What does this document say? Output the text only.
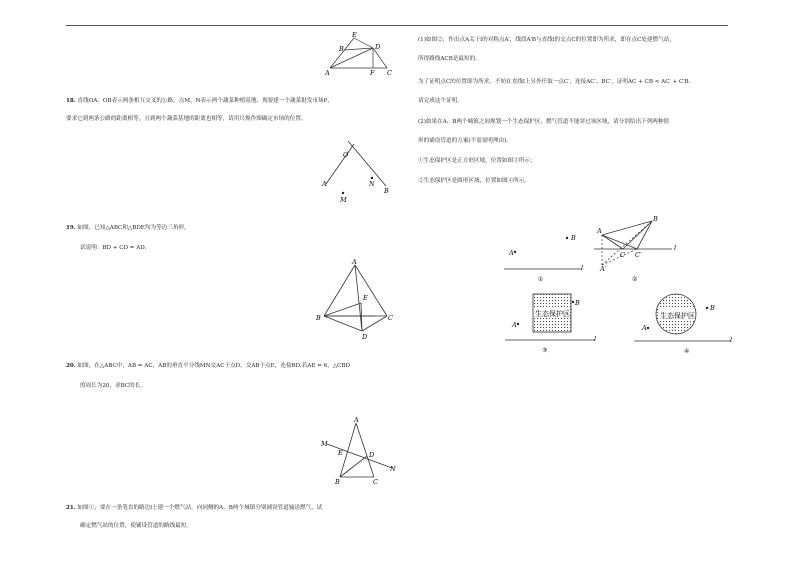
E
D
B
A	F C
18. 直线OA，OB表示两条相互交叉的公路，点M，N表示两个蔬菜种植基地，现要建一个蔬菜批发市场P，
要求它到两条公路的距离相等，且到两个蔬菜基地的距离也相等，请用尺规作图确定市场的位置。
O
A
B
N
M
19. 如图，已知△ABC和△BDE均为等边三角形，
试说明：BD + CD = AD.
A
B	C
D
E
20. 如图，在△ABC中，AB = AC，AB的垂直平分线MN交AC于点D，交AB于点E，连接BD.若AE = 6，△CBD
的周长为20，求BC的长。
A
M
E	D
N
B	C
21. 如图①，要在一条笔直的路边l上建一个燃气站，向同侧的A、B两个城镇分别铺设管道输送燃气，试
确定燃气站的位置，使铺设管道的路线最短。
(1)如图②，作出点A关于l的对称点A′，线段A′B与直线l的交点C的位置即为所求，即在点C处建燃气站，
所得路线ACB是最短的。
为了证明点C的位置即为所求，不妨在直线l上另外任取一点C′，连接AC′、BC′，证明AC + CB < AC′ + C′B.
请完成这个证明。
(2)如果在A、B两个城镇之间规划一个生态保护区，燃气管道不能穿过该区域，请分别给出下列两种情
形的铺设管道的方案(不需说明理由)。
①生态保护区是正方形区域，位置如图③所示；
②生态保护区是圆形区域，位置如图④所示。
l
A
B
①
A
B
C C′
A′
l
②
生态保护区
l
A
B
③
生态保护区
l
A
B
④
